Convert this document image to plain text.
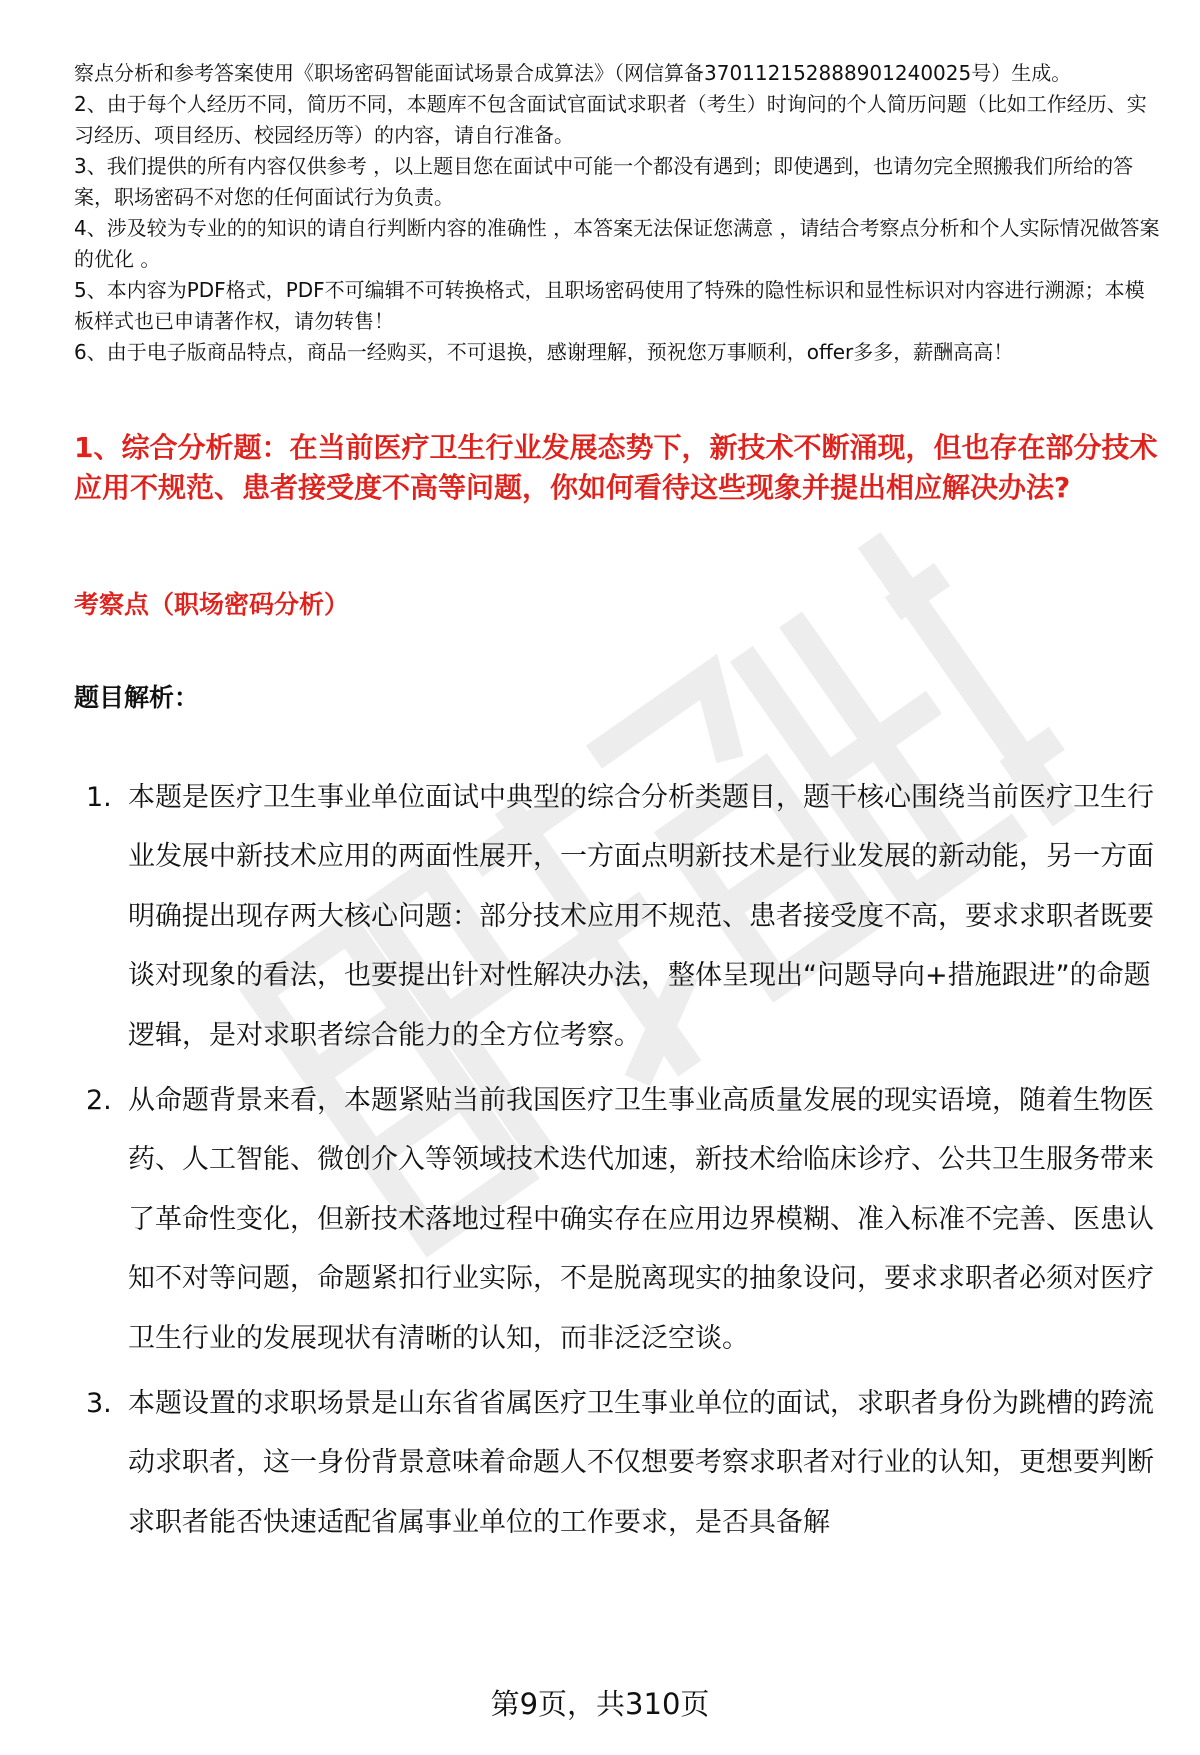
察点分析和参考答案使用《职场密码智能面试场景合成算法》（网信算备370112152888901240025号）生成。

2、由于每个人经历不同，简历不同，本题库不包含面试官面试求职者（考生）时询问的个人简历问题（比如工作经历、实习经历、项目经历、校园经历等）的内容，请自行准备。

3、我们提供的所有内容仅供参考 ，以上题目您在面试中可能一个都没有遇到；即使遇到，也请勿完全照搬我们所给的答案，职场密码不对您的任何面试行为负责。

4、涉及较为专业的的知识的请自行判断内容的准确性 ，本答案无法保证您满意 ，请结合考察点分析和个人实际情况做答案的优化 。

5、本内容为PDF格式，PDF不可编辑不可转换格式，且职场密码使用了特殊的隐性标识和显性标识对内容进行溯源；本模板样式也已申请著作权，请勿转售！

6、由于电子版商品特点，商品一经购买，不可退换，感谢理解，预祝您万事顺利，offer多多，薪酬高高！

1、综合分析题：在当前医疗卫生行业发展态势下，新技术不断涌现，但也存在部分技术应用不规范、患者接受度不高等问题，你如何看待这些现象并提出相应解决办法?
考察点（职场密码分析）
题目解析：
1. 本题是医疗卫生事业单位面试中典型的综合分析类题目，题干核心围绕当前医疗卫生行业发展中新技术应用的两面性展开，一方面点明新技术是行业发展的新动能，另一方面明确提出现存两大核心问题：部分技术应用不规范、患者接受度不高，要求求职者既要谈对现象的看法，也要提出针对性解决办法，整体呈现出“问题导向+措施跟进”的命题逻辑，是对求职者综合能力的全方位考察。
2. 从命题背景来看，本题紧贴当前我国医疗卫生事业高质量发展的现实语境，随着生物医药、人工智能、微创介入等领域技术迭代加速，新技术给临床诊疗、公共卫生服务带来了革命性变化，但新技术落地过程中确实存在应用边界模糊、准入标准不完善、医患认知不对等问题，命题紧扣行业实际，不是脱离现实的抽象设问，要求求职者必须对医疗卫生行业的发展现状有清晰的认知，而非泛泛空谈。
3. 本题设置的求职场景是山东省省属医疗卫生事业单位的面试，求职者身份为跳槽的跨流动求职者，这一身份背景意味着命题人不仅想要考察求职者对行业的认知，更想要判断求职者能否快速适配省属事业单位的工作要求，是否具备解
第9页，共310页
